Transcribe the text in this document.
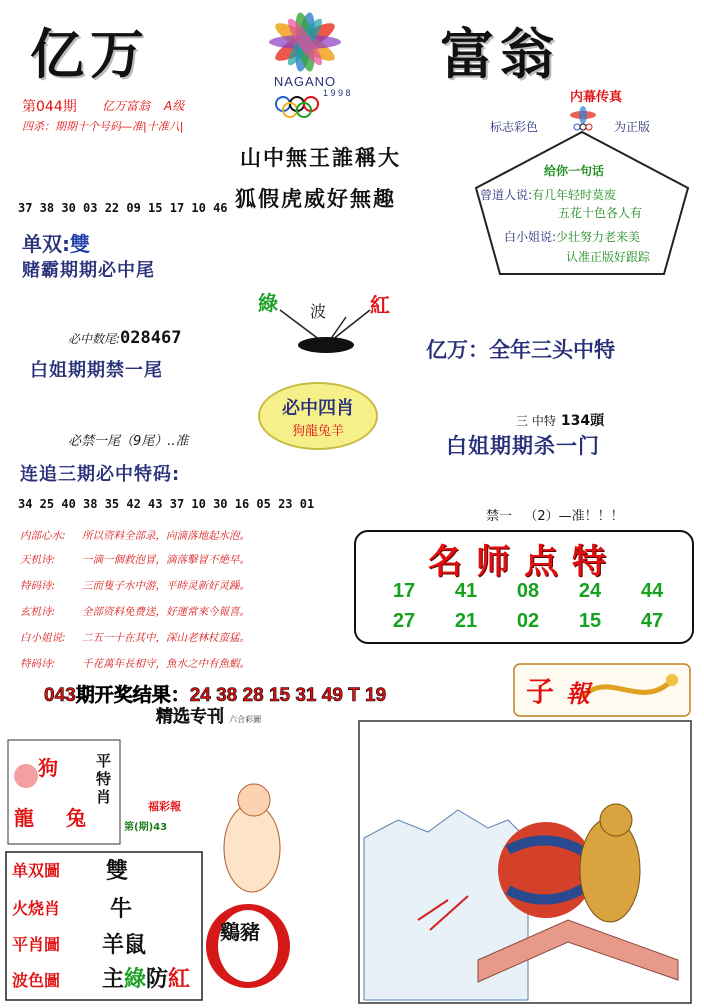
亿万	富翁
NAGANO
1 9 9 8
第044期 亿万富翁 A级
四杀：期期十个号码—准|十准八|
山中無王誰稱大
狐假虎威好無趣
内幕传真
标志彩色	为正版
给你一句话
曾道人说:有几年轻时莫废
五花十色各人有
白小姐说:少壮努力老来美
认准正版好跟踪
37 38 30 03 22 09 15 17 10 46
单双:雙
赌霸期期必中尾
綠 波 紅
必中数尾:028467
白姐期期禁一尾
亿万：全年三头中特
必中四肖
狗龍兔羊
三 中特 134頭
必禁一尾（9尾）..准	白姐期期杀一门
连追三期必中特码:
34 25 40 38 35 42 43 37 10 30 16 05 23 01
禁一   （2）—准！！！
内部心水: 所以资料全部录，向滴落地起水泡。
天机诗:	一滴一個救泡冒，滴落擊冒不絶早。
特码诗:	三而隻子水中游，平時灵新好灵躁。
玄机诗:	全部资料免费送，好運常來今報喜。
白小姐说: 二五一十在其中，深山老林杖蛮猛。
特码诗:	千花萬年長相守，魚水之中有魚蝦。
名师点特
17	41	08	24	44
27	21	02	15	47
043期开奖结果：24 38 28 15 31 49 T 19
精选专刊 六合彩圖
子 報
狗
龍 兔
平特肖
福彩報
第(期)43
单双圖 雙
火烧肖 牛
平肖圖 羊鼠
波色圖 主綠防紅
鷄豬
